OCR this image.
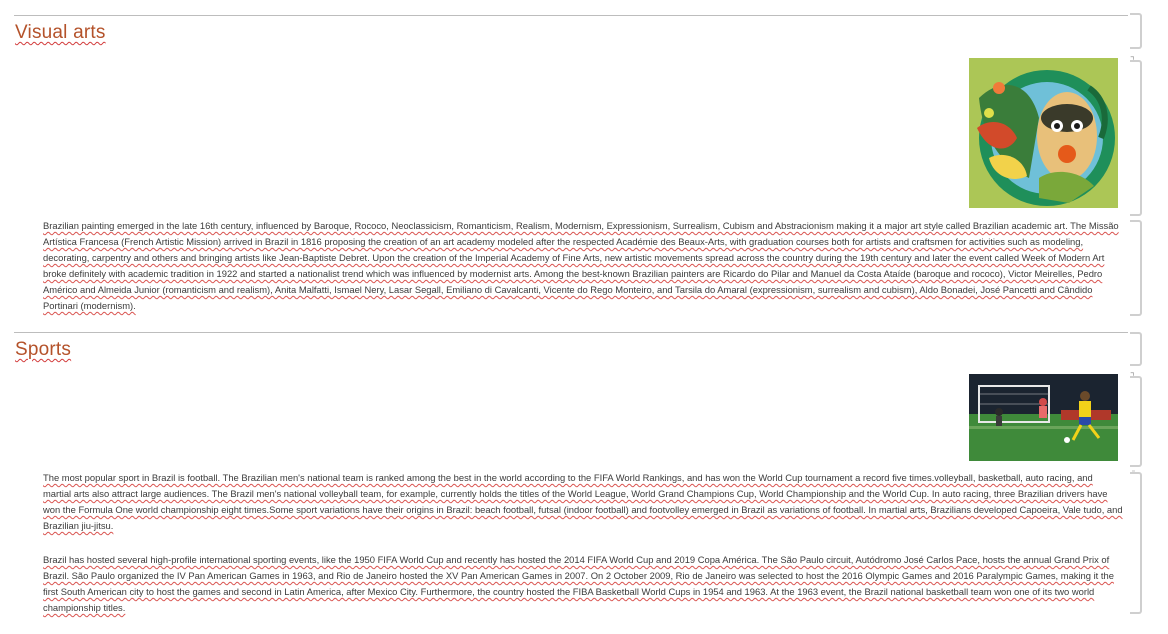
Visual arts

Brazilian painting emerged in the late 16th century, influenced by Baroque, Rococo, Neoclassicism, Romanticism, Realism, Modernism, Expressionism, Surrealism, Cubism and Abstracionism making it a major art style called Brazilian academic art. The Missão Artística Francesa (French Artistic Mission) arrived in Brazil in 1816 proposing the creation of an art academy modeled after the respected Académie des Beaux-Arts, with graduation courses both for artists and craftsmen for activities such as modeling, decorating, carpentry and others and bringing artists like Jean-Baptiste Debret. Upon the creation of the Imperial Academy of Fine Arts, new artistic movements spread across the country during the 19th century and later the event called Week of Modern Art broke definitely with academic tradition in 1922 and started a nationalist trend which was influenced by modernist arts. Among the best-known Brazilian painters are Ricardo do Pilar and Manuel da Costa Ataíde (baroque and rococo), Victor Meirelles, Pedro Américo and Almeida Junior (romanticism and realism), Anita Malfatti, Ismael Nery, Lasar Segall, Emiliano di Cavalcanti, Vicente do Rego Monteiro, and Tarsila do Amaral (expressionism, surrealism and cubism), Aldo Bonadei, José Pancetti and Cândido Portinari (modernism).

Sports

The most popular sport in Brazil is football. The Brazilian men's national team is ranked among the best in the world according to the FIFA World Rankings, and has won the World Cup tournament a record five times.volleyball, basketball, auto racing, and martial arts also attract large audiences. The Brazil men's national volleyball team, for example, currently holds the titles of the World League, World Grand Champions Cup, World Championship and the World Cup. In auto racing, three Brazilian drivers have won the Formula One world championship eight times.Some sport variations have their origins in Brazil: beach football, futsal (indoor football) and footvolley emerged in Brazil as variations of football. In martial arts, Brazilians developed Capoeira, Vale tudo, and Brazilian jiu-jitsu.

Brazil has hosted several high-profile international sporting events, like the 1950 FIFA World Cup and recently has hosted the 2014 FIFA World Cup and 2019 Copa América. The São Paulo circuit, Autódromo José Carlos Pace, hosts the annual Grand Prix of Brazil. São Paulo organized the IV Pan American Games in 1963, and Rio de Janeiro hosted the XV Pan American Games in 2007. On 2 October 2009, Rio de Janeiro was selected to host the 2016 Olympic Games and 2016 Paralympic Games, making it the first South American city to host the games and second in Latin America, after Mexico City. Furthermore, the country hosted the FIBA Basketball World Cups in 1954 and 1963. At the 1963 event, the Brazil national basketball team won one of its two world championship titles.

⌝
⌝
